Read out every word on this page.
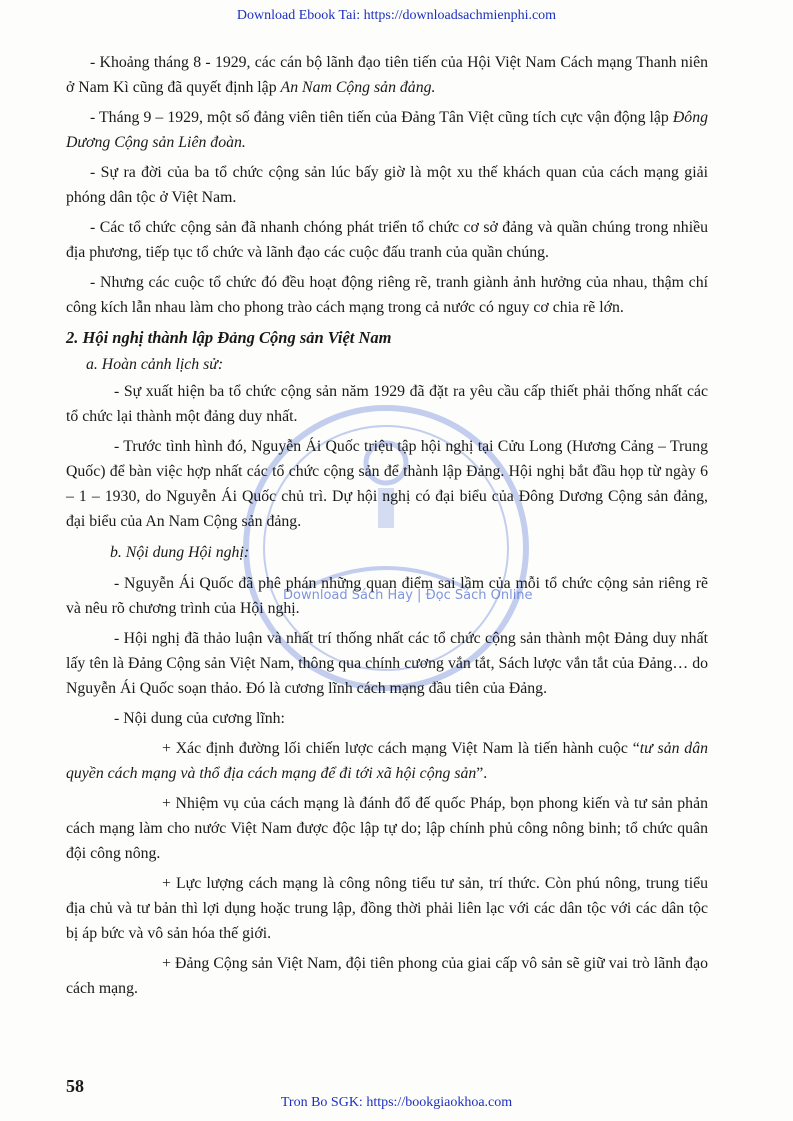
Download Ebook Tai: https://downloadsachmienphi.com
Download Sách Hay | Đọc Sách Online

- Khoảng tháng 8 - 1929, các cán bộ lãnh đạo tiên tiến của Hội Việt Nam Cách mạng Thanh niên ở Nam Kì cũng đã quyết định lập An Nam Cộng sản đảng.

- Tháng 9 – 1929, một số đảng viên tiên tiến của Đảng Tân Việt cũng tích cực vận động lập Đông Dương Cộng sản Liên đoàn.

- Sự ra đời của ba tổ chức cộng sản lúc bấy giờ là một xu thế khách quan của cách mạng giải phóng dân tộc ở Việt Nam.

- Các tổ chức cộng sản đã nhanh chóng phát triển tổ chức cơ sở đảng và quần chúng trong nhiều địa phương, tiếp tục tổ chức và lãnh đạo các cuộc đấu tranh của quần chúng.

- Nhưng các cuộc tổ chức đó đều hoạt động riêng rẽ, tranh giành ảnh hưởng của nhau, thậm chí công kích lẫn nhau làm cho phong trào cách mạng trong cả nước có nguy cơ chia rẽ lớn.

2. Hội nghị thành lập Đảng Cộng sản Việt Nam

a. Hoàn cảnh lịch sử:

- Sự xuất hiện ba tổ chức cộng sản năm 1929 đã đặt ra yêu cầu cấp thiết phải thống nhất các tổ chức lại thành một đảng duy nhất.

- Trước tình hình đó, Nguyễn Ái Quốc triệu tập hội nghị tại Cửu Long (Hương Cảng – Trung Quốc) để bàn việc hợp nhất các tổ chức cộng sản để thành lập Đảng. Hội nghị bắt đầu họp từ ngày 6 – 1 – 1930, do Nguyễn Ái Quốc chủ trì. Dự hội nghị có đại biểu của Đông Dương Cộng sản đảng, đại biểu của An Nam Cộng sản đảng.

b. Nội dung Hội nghị:

- Nguyễn Ái Quốc đã phê phán những quan điểm sai lầm của mỗi tổ chức cộng sản riêng rẽ và nêu rõ chương trình của Hội nghị.

- Hội nghị đã thảo luận và nhất trí thống nhất các tổ chức cộng sản thành một Đảng duy nhất lấy tên là Đảng Cộng sản Việt Nam, thông qua chính cương vắn tắt, Sách lược vắn tắt của Đảng… do Nguyễn Ái Quốc soạn thảo. Đó là cương lĩnh cách mạng đầu tiên của Đảng.

- Nội dung của cương lĩnh:

+ Xác định đường lối chiến lược cách mạng Việt Nam là tiến hành cuộc “tư sản dân quyền cách mạng và thổ địa cách mạng để đi tới xã hội cộng sản”.

+ Nhiệm vụ của cách mạng là đánh đổ đế quốc Pháp, bọn phong kiến và tư sản phản cách mạng làm cho nước Việt Nam được độc lập tự do; lập chính phủ công nông binh; tổ chức quân đội công nông.

+ Lực lượng cách mạng là công nông tiểu tư sản, trí thức. Còn phú nông, trung tiểu địa chủ và tư bản thì lợi dụng hoặc trung lập, đồng thời phải liên lạc với các dân tộc với các dân tộc bị áp bức và vô sản hóa thế giới.

+ Đảng Cộng sản Việt Nam, đội tiên phong của giai cấp vô sản sẽ giữ vai trò lãnh đạo cách mạng.

58
Tron Bo SGK: https://bookgiaokhoa.com
